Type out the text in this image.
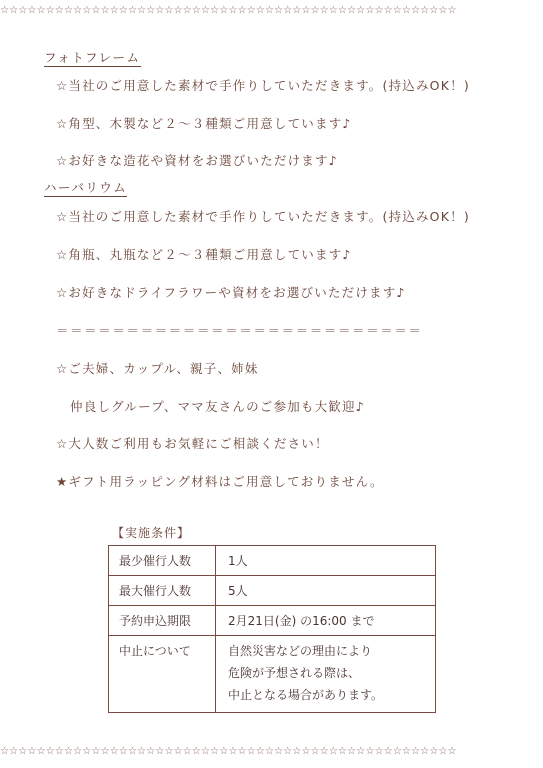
☆☆☆☆☆☆☆☆☆☆☆☆☆☆☆☆☆☆☆☆☆☆☆☆☆☆☆☆☆☆☆☆☆☆☆☆☆☆☆☆☆☆☆☆☆☆☆☆☆☆
フォトフレーム
☆当社のご用意した素材で手作りしていただきます。(持込みOK！)
☆角型、木製など２～３種類ご用意しています♪
☆お好きな造花や資材をお選びいただけます♪
ハーバリウム
☆当社のご用意した素材で手作りしていただきます。(持込みOK！)
☆角瓶、丸瓶など２～３種類ご用意しています♪
☆お好きなドライフラワーや資材をお選びいただけます♪
＝＝＝＝＝＝＝＝＝＝＝＝＝＝＝＝＝＝＝＝＝＝＝＝＝＝
☆ご夫婦、カップル、親子、姉妹
仲良しグループ、ママ友さんのご参加も大歓迎♪
☆大人数ご利用もお気軽にご相談ください！
★ギフト用ラッピング材料はご用意しておりません。
【実施条件】
最少催行人数	1人
最大催行人数	5人
予約申込期限	2月21日(金) の16:00 まで
中止について	自然災害などの理由により
危険が予想される際は、
中止となる場合があります。
☆☆☆☆☆☆☆☆☆☆☆☆☆☆☆☆☆☆☆☆☆☆☆☆☆☆☆☆☆☆☆☆☆☆☆☆☆☆☆☆☆☆☆☆☆☆☆☆☆☆
